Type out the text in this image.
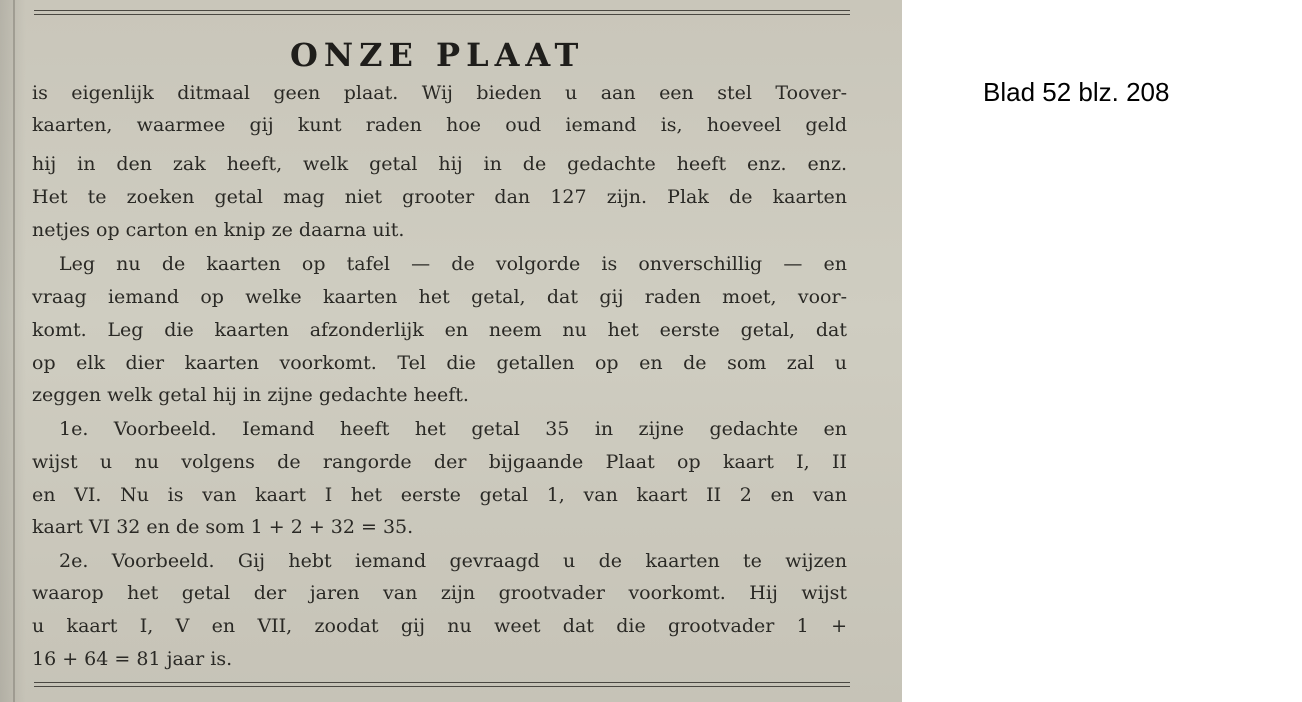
ONZE PLAAT
is eigenlijk ditmaal geen plaat. Wij bieden u aan een stel Toover-
kaarten, waarmee gij kunt raden hoe oud iemand is, hoeveel geld
hij in den zak heeft, welk getal hij in de gedachte heeft enz. enz.
Het te zoeken getal mag niet grooter dan 127 zijn. Plak de kaarten
netjes op carton en knip ze daarna uit.
Leg nu de kaarten op tafel — de volgorde is onverschillig — en
vraag iemand op welke kaarten het getal, dat gij raden moet, voor-
komt. Leg die kaarten afzonderlijk en neem nu het eerste getal, dat
op elk dier kaarten voorkomt. Tel die getallen op en de som zal u
zeggen welk getal hij in zijne gedachte heeft.
1e. Voorbeeld. Iemand heeft het getal 35 in zijne gedachte en
wijst u nu volgens de rangorde der bijgaande Plaat op kaart I, II
en VI. Nu is van kaart I het eerste getal 1, van kaart II 2 en van
kaart VI 32 en de som 1 + 2 + 32 = 35.
2e. Voorbeeld. Gij hebt iemand gevraagd u de kaarten te wijzen
waarop het getal der jaren van zijn grootvader voorkomt. Hij wijst
u kaart I, V en VII, zoodat gij nu weet dat die grootvader 1 +
16 + 64 = 81 jaar is.
Blad 52 blz. 208
